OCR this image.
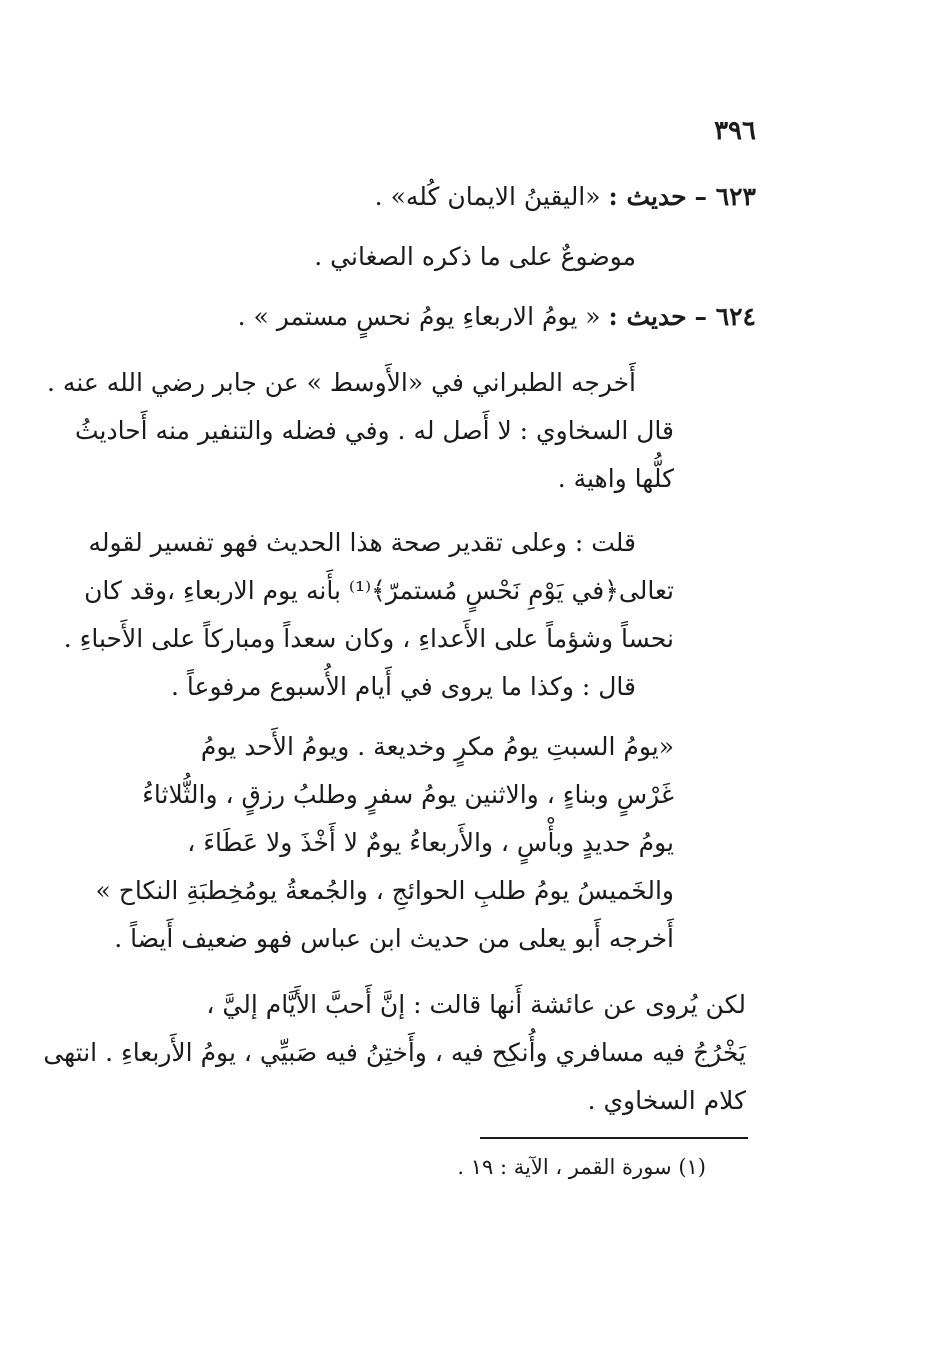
٣٩٦
٦٢٣ – حديث : «اليقينُ الايمان كُله» .
موضوعٌ على ما ذكره الصغاني .
٦٢٤ – حديث : « يومُ الاربعاءِ يومُ نحسٍ مستمر » .
أَخرجه الطبراني في «الأَوسط » عن جابر رضي الله عنه .
قال السخاوي : لا أَصل له . وفي فضله والتنفير منه أَحاديثُ
كلُّها واهية .
قلت : وعلى تقدير صحة هذا الحديث فهو تفسير لقوله
تعالى﴿في يَوْمِ نَحْسٍ مُستمرّ﴾⁽¹⁾ بأَنه يوم الاربعاءِ ،وقد كان
نحساً وشؤماً على الأَعداءِ ، وكان سعداً ومباركاً على الأَحباءِ .
قال : وكذا ما يروى في أَيام الأُسبوع مرفوعاً .
«يومُ السبتِ يومُ مكرٍ وخديعة . ويومُ الأَحد يومُ
غَرْسٍ وبناءٍ ، والاثنين يومُ سفرٍ وطلبُ رزقٍ ، والثُّلاثاءُ
يومُ حديدٍ وبأْسٍ ، والأَربعاءُ يومٌ لا أَخْذَ ولا عَطَاءَ ،
والخَميسُ يومُ طلبِ الحوائجِ ، والجُمعةُ يومُخِطبَةِ النكاح »
أَخرجه أَبو يعلى من حديث ابن عباس فهو ضعيف أَيضاً .
لكن يُروى عن عائشة أَنها قالت : إنَّ أَحبَّ الأَيَّام إليَّ ،
يَخْرُجُ فيه مسافري وأُنكِح فيه ، وأَختِنُ فيه صَبيِّي ، يومُ الأَربعاءِ . انتهى
كلام السخاوي .
(١) سورة القمر ، الآية : ١٩ .
